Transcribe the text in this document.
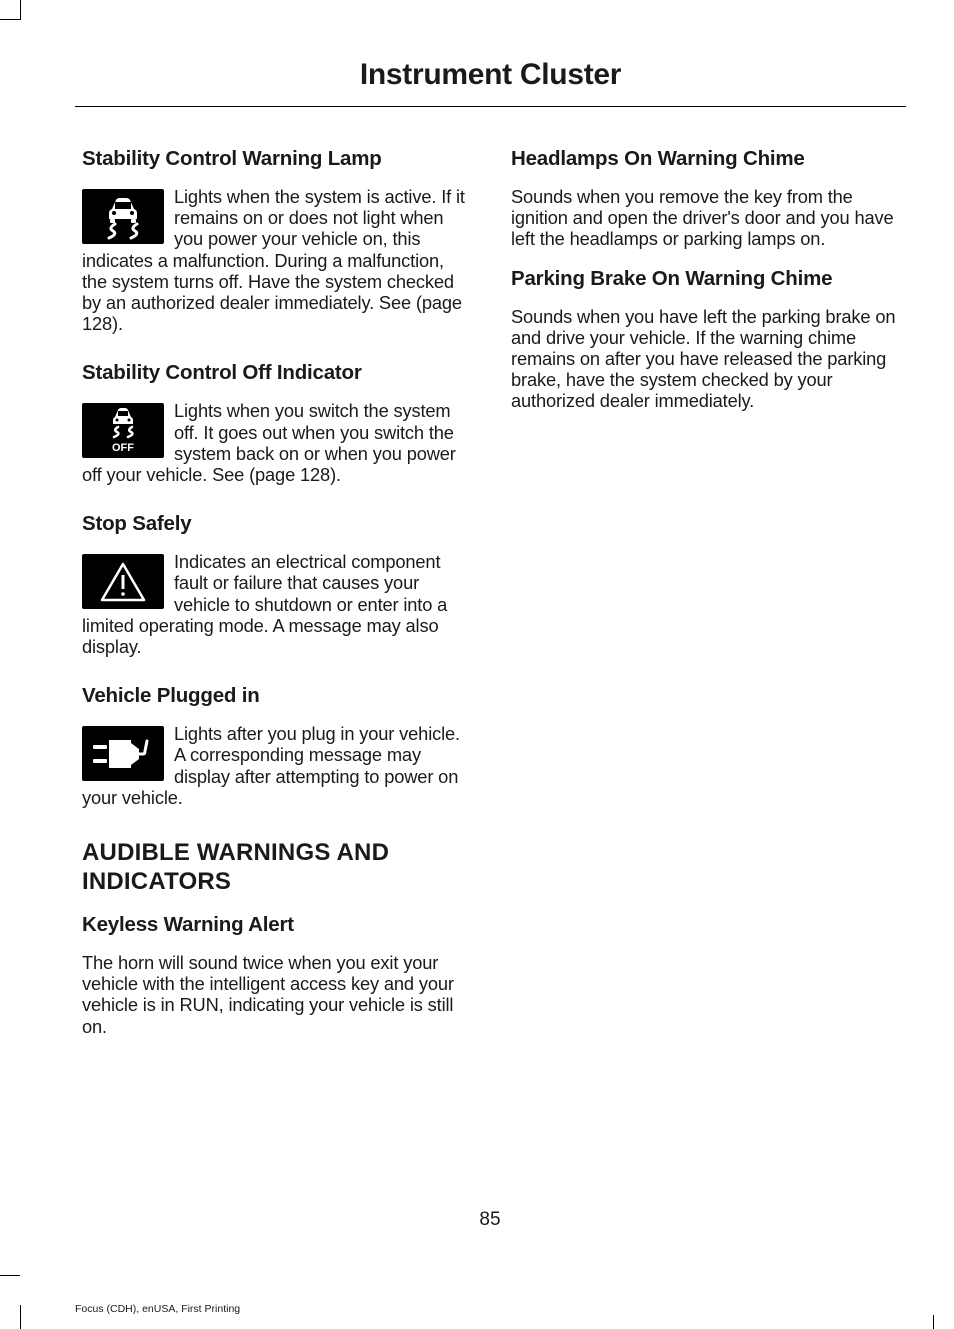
Instrument Cluster
Stability Control Warning Lamp

Lights when the system is active. If it remains on or does not light when you power your vehicle on, this indicates a malfunction. During a malfunction, the system turns off. Have the system checked by an authorized dealer immediately. See (page 128).

Stability Control Off Indicator
OFF

Lights when you switch the system off. It goes out when you switch the system back on or when you power off your vehicle. See (page 128).

Stop Safely

Indicates an electrical component fault or failure that causes your vehicle to shutdown or enter into a limited operating mode. A message may also display.

Vehicle Plugged in

Lights after you plug in your vehicle. A corresponding message may display after attempting to power on your vehicle.

AUDIBLE WARNINGS AND INDICATORS
Keyless Warning Alert

The horn will sound twice when you exit your vehicle with the intelligent access key and your vehicle is in RUN, indicating your vehicle is still on.

Headlamps On Warning Chime

Sounds when you remove the key from the ignition and open the driver's door and you have left the headlamps or parking lamps on.

Parking Brake On Warning Chime

Sounds when you have left the parking brake on and drive your vehicle. If the warning chime remains on after you have released the parking brake, have the system checked by your authorized dealer immediately.

85
Focus (CDH), enUSA, First Printing
